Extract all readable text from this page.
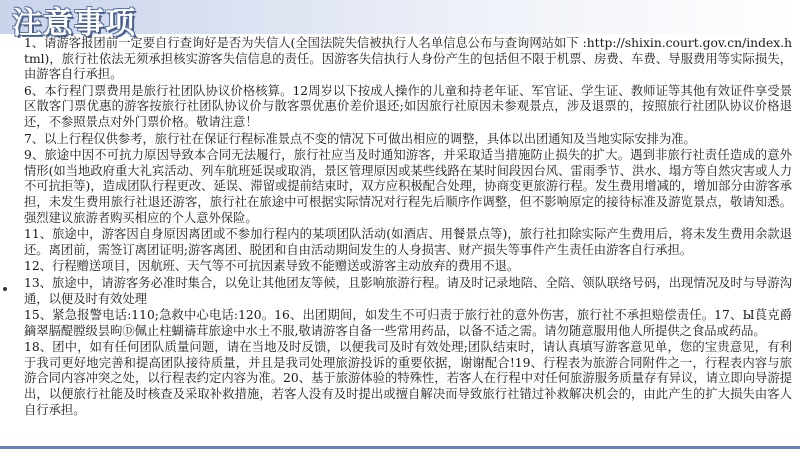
注意事项

1、请游客报团前一定要自行查询好是否为失信人(全国法院失信被执行人名单信息公布与查询网站如下 :http://shixin.court.gov.cn/index.html)，旅行社依法无须承担核实游客失信信息的责任。因游客失信执行人身份产生的包括但不限于机票、房费、车费、导服费用等实际损失，由游客自行承担。

6、本行程门票费用是旅行社团队协议价格核算。12周岁以下按成人操作的儿童和持老年证、军官证、学生证、教师证等其他有效证件享受景区散客门票优惠的游客按旅行社团队协议价与散客票优惠价差价退还;如因旅行社原因未参观景点，涉及退票的，按照旅行社团队协议价格退还，不参照景点对外门票价格。敬请注意！

7、以上行程仅供参考，旅行社在保证行程标准景点不变的情况下可做出相应的调整，具体以出团通知及当地实际安排为准。

9、旅途中因不可抗力原因导致本合同无法履行，旅行社应当及时通知游客，并采取适当措施防止损失的扩大。遇到非旅行社责任造成的意外情形(如当地政府重大礼宾活动、列车航班延误或取消，景区管理原因或某些线路在某时间段因台风、雷雨季节、洪水、塌方等自然灾害或人力不可抗拒等)，造成团队行程更改、延误、滞留或提前结束时，双方应积极配合处理，协商变更旅游行程。发生费用增减的，增加部分由游客承担，未发生费用旅行社退还游客，旅行社在旅途中可根据实际情况对行程先后顺序作调整，但不影响原定的接待标准及游览景点，敬请知悉。强烈建议旅游者购买相应的个人意外保险。

11、旅途中，游客因自身原因离团或不参加行程内的某项团队活动(如酒店、用餐景点等)，旅行社扣除实际产生费用后，将未发生费用余款退还。离团前，需签订离团证明;游客离团、脱团和自由活动期间发生的人身损害、财产损失等事件产生责任由游客自行承担。

12、行程赠送项目，因航班、天气等不可抗因素导致不能赠送或游客主动放弃的费用不退。

13、旅途中，请游客务必准时集合，以免让其他团友等候，且影响旅游行程。请及时记录地陪、全陪、领队联络号码，出现情况及时与导游沟通，以便及时有效处理

15、紧急报警电话:110;急救中心电话:120。16、出团期间，如发生不可归责于旅行社的意外伤害，旅行社不承担赔偿责任。17、Ы茛克爵鏑翠膈醍膛级昙昫Ⓓ佩止柱蝴禱茸旅途中水土不服,敬请游客自备一些常用药品，以备不适之需。请勿随意服用他人所提供之食品或药品。

18、团中，如有任何团队质量问题，请在当地及时反馈，以便我司及时有效处理;团队结束时，请认真填写游客意见单，您的宝贵意见，有利于我司更好地完善和提高团队接待质量，并且是我司处理旅游投诉的重要依据，谢谢配合!19、行程表为旅游合同附件之一，行程表内容与旅游合同内容冲突之处，以行程表约定内容为准。20、基于旅游体验的特殊性，若客人在行程中对任何旅游服务质量存有异议，请立即向导游提出，以便旅行社能及时核查及采取补救措施，若客人没有及时提出或擅自解决而导致旅行社错过补救解决机会的，由此产生的扩大损失由客人自行承担。
